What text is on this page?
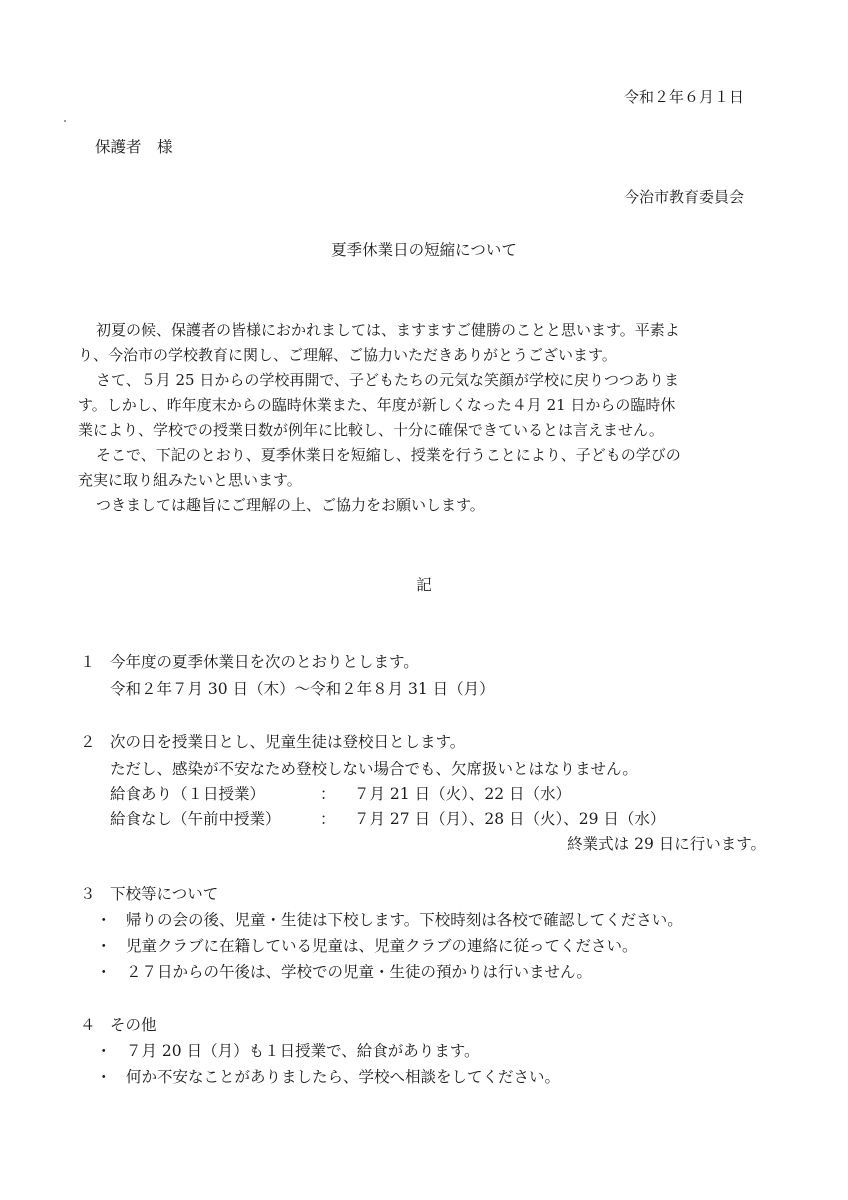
令和２年６月１日
保護者　様
今治市教育委員会
夏季休業日の短縮について

初夏の候、保護者の皆様におかれましては、ますますご健勝のことと思います。平素よ

り、今治市の学校教育に関し、ご理解、ご協力いただきありがとうございます。

さて、５月 25 日からの学校再開で、子どもたちの元気な笑顔が学校に戻りつつありま

す。しかし、昨年度末からの臨時休業また、年度が新しくなった４月 21 日からの臨時休

業により、学校での授業日数が例年に比較し、十分に確保できているとは言えません。

そこで、下記のとおり、夏季休業日を短縮し、授業を行うことにより、子どもの学びの

充実に取り組みたいと思います。

つきましては趣旨にご理解の上、ご協力をお願いします。

記
１ 今年度の夏季休業日を次のとおりとします。
令和２年７月 30 日（木）～令和２年８月 31 日（月）
２ 次の日を授業日とし、児童生徒は登校日とします。
ただし、感染が不安なため登校しない場合でも、欠席扱いとはなりません。
給食あり（１日授業）	： ７月 21 日（火）、22 日（水）
給食なし（午前中授業）	： ７月 27 日（月）、28 日（火）、29 日（水）
終業式は 29 日に行います。
３ 下校等について
・ 帰りの会の後、児童・生徒は下校します。下校時刻は各校で確認してください。
・ 児童クラブに在籍している児童は、児童クラブの連絡に従ってください。
・ ２７日からの午後は、学校での児童・生徒の預かりは行いません。
４ その他
・ ７月 20 日（月）も１日授業で、給食があります。
・ 何か不安なことがありましたら、学校へ相談をしてください。
